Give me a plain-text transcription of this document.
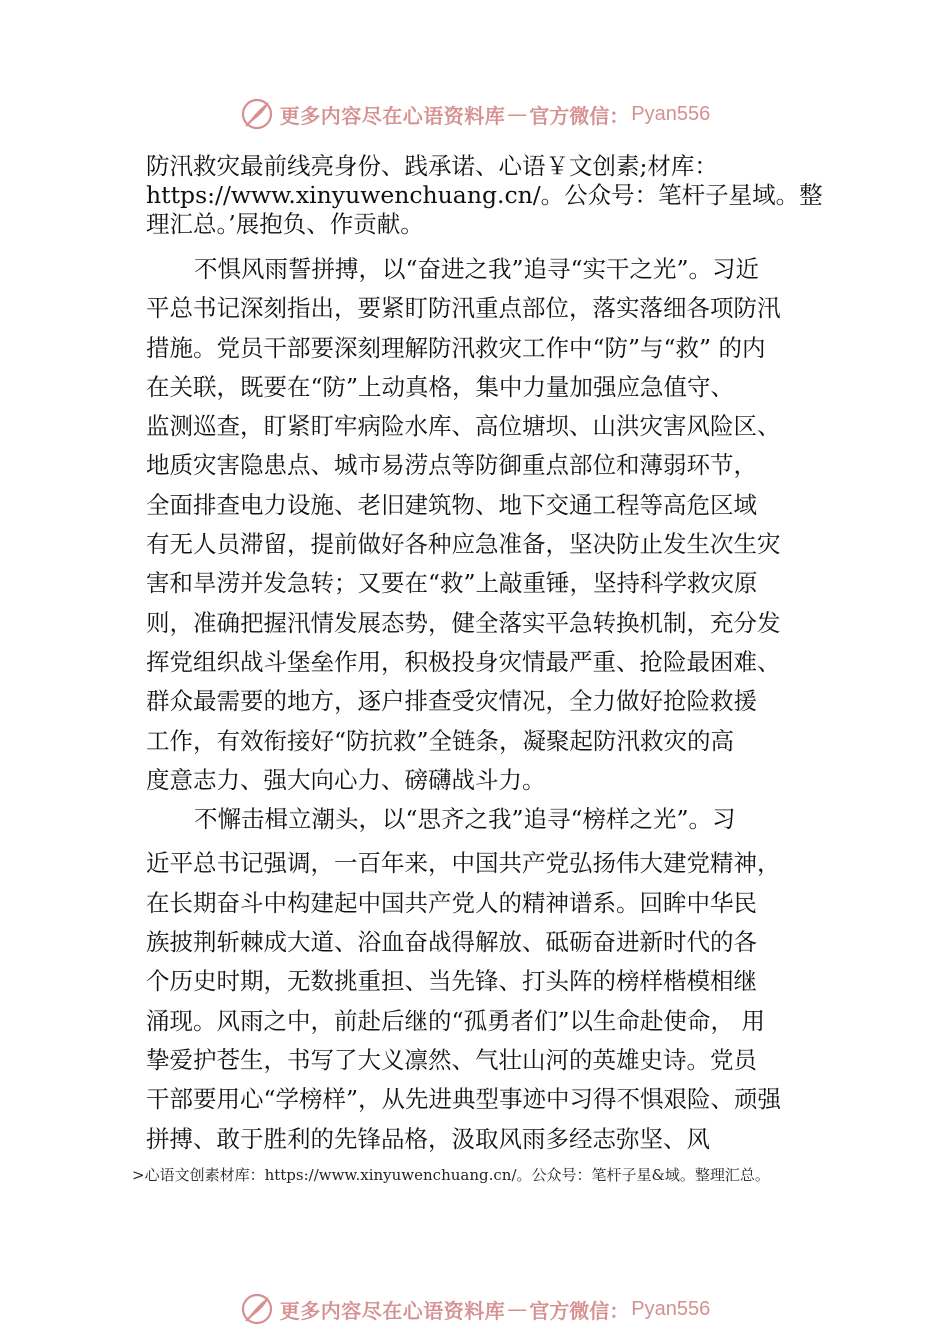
更多内容尽在心语资料库 — 官方微信： Pyan556
防汛救灾最前线亮身份、践承诺、心语￥文创素;材库：
https://www.xinyuwenchuang.cn/。公众号：笔杆子星域。整
理汇总。’展抱负、作贡献。
不惧风雨誓拼搏，以“奋进之我”追寻“实干之光”。习近
平总书记深刻指出，要紧盯防汛重点部位，落实落细各项防汛
措施。党员干部要深刻理解防汛救灾工作中“防”与“救” 的内
在关联，既要在“防”上动真格，集中力量加强应急值守、
监测巡查，盯紧盯牢病险水库、高位塘坝、山洪灾害风险区、
地质灾害隐患点、城市易涝点等防御重点部位和薄弱环节，
全面排查电力设施、老旧建筑物、地下交通工程等高危区域
有无人员滞留，提前做好各种应急准备，坚决防止发生次生灾
害和旱涝并发急转；又要在“救”上敲重锤，坚持科学救灾原
则，准确把握汛情发展态势，健全落实平急转换机制，充分发
挥党组织战斗堡垒作用，积极投身灾情最严重、抢险最困难、
群众最需要的地方，逐户排查受灾情况，全力做好抢险救援
工作，有效衔接好“防抗救”全链条，凝聚起防汛救灾的高
度意志力、强大向心力、磅礴战斗力。
不懈击楫立潮头，以“思齐之我”追寻“榜样之光”。习
近平总书记强调，一百年来，中国共产党弘扬伟大建党精神，
在长期奋斗中构建起中国共产党人的精神谱系。回眸中华民
族披荆斩棘成大道、浴血奋战得解放、砥砺奋进新时代的各
个历史时期，无数挑重担、当先锋、打头阵的榜样楷模相继
涌现。风雨之中，前赴后继的“孤勇者们”以生命赴使命， 用
挚爱护苍生，书写了大义凛然、气壮山河的英雄史诗。党员
干部要用心“学榜样”，从先进典型事迹中习得不惧艰险、顽强
拼搏、敢于胜利的先锋品格，汲取风雨多经志弥坚、风
>心语文创素材库：https://www.xinyuwenchuang.cn/。公众号：笔杆子星&域。整理汇总。
更多内容尽在心语资料库 — 官方微信： Pyan556
